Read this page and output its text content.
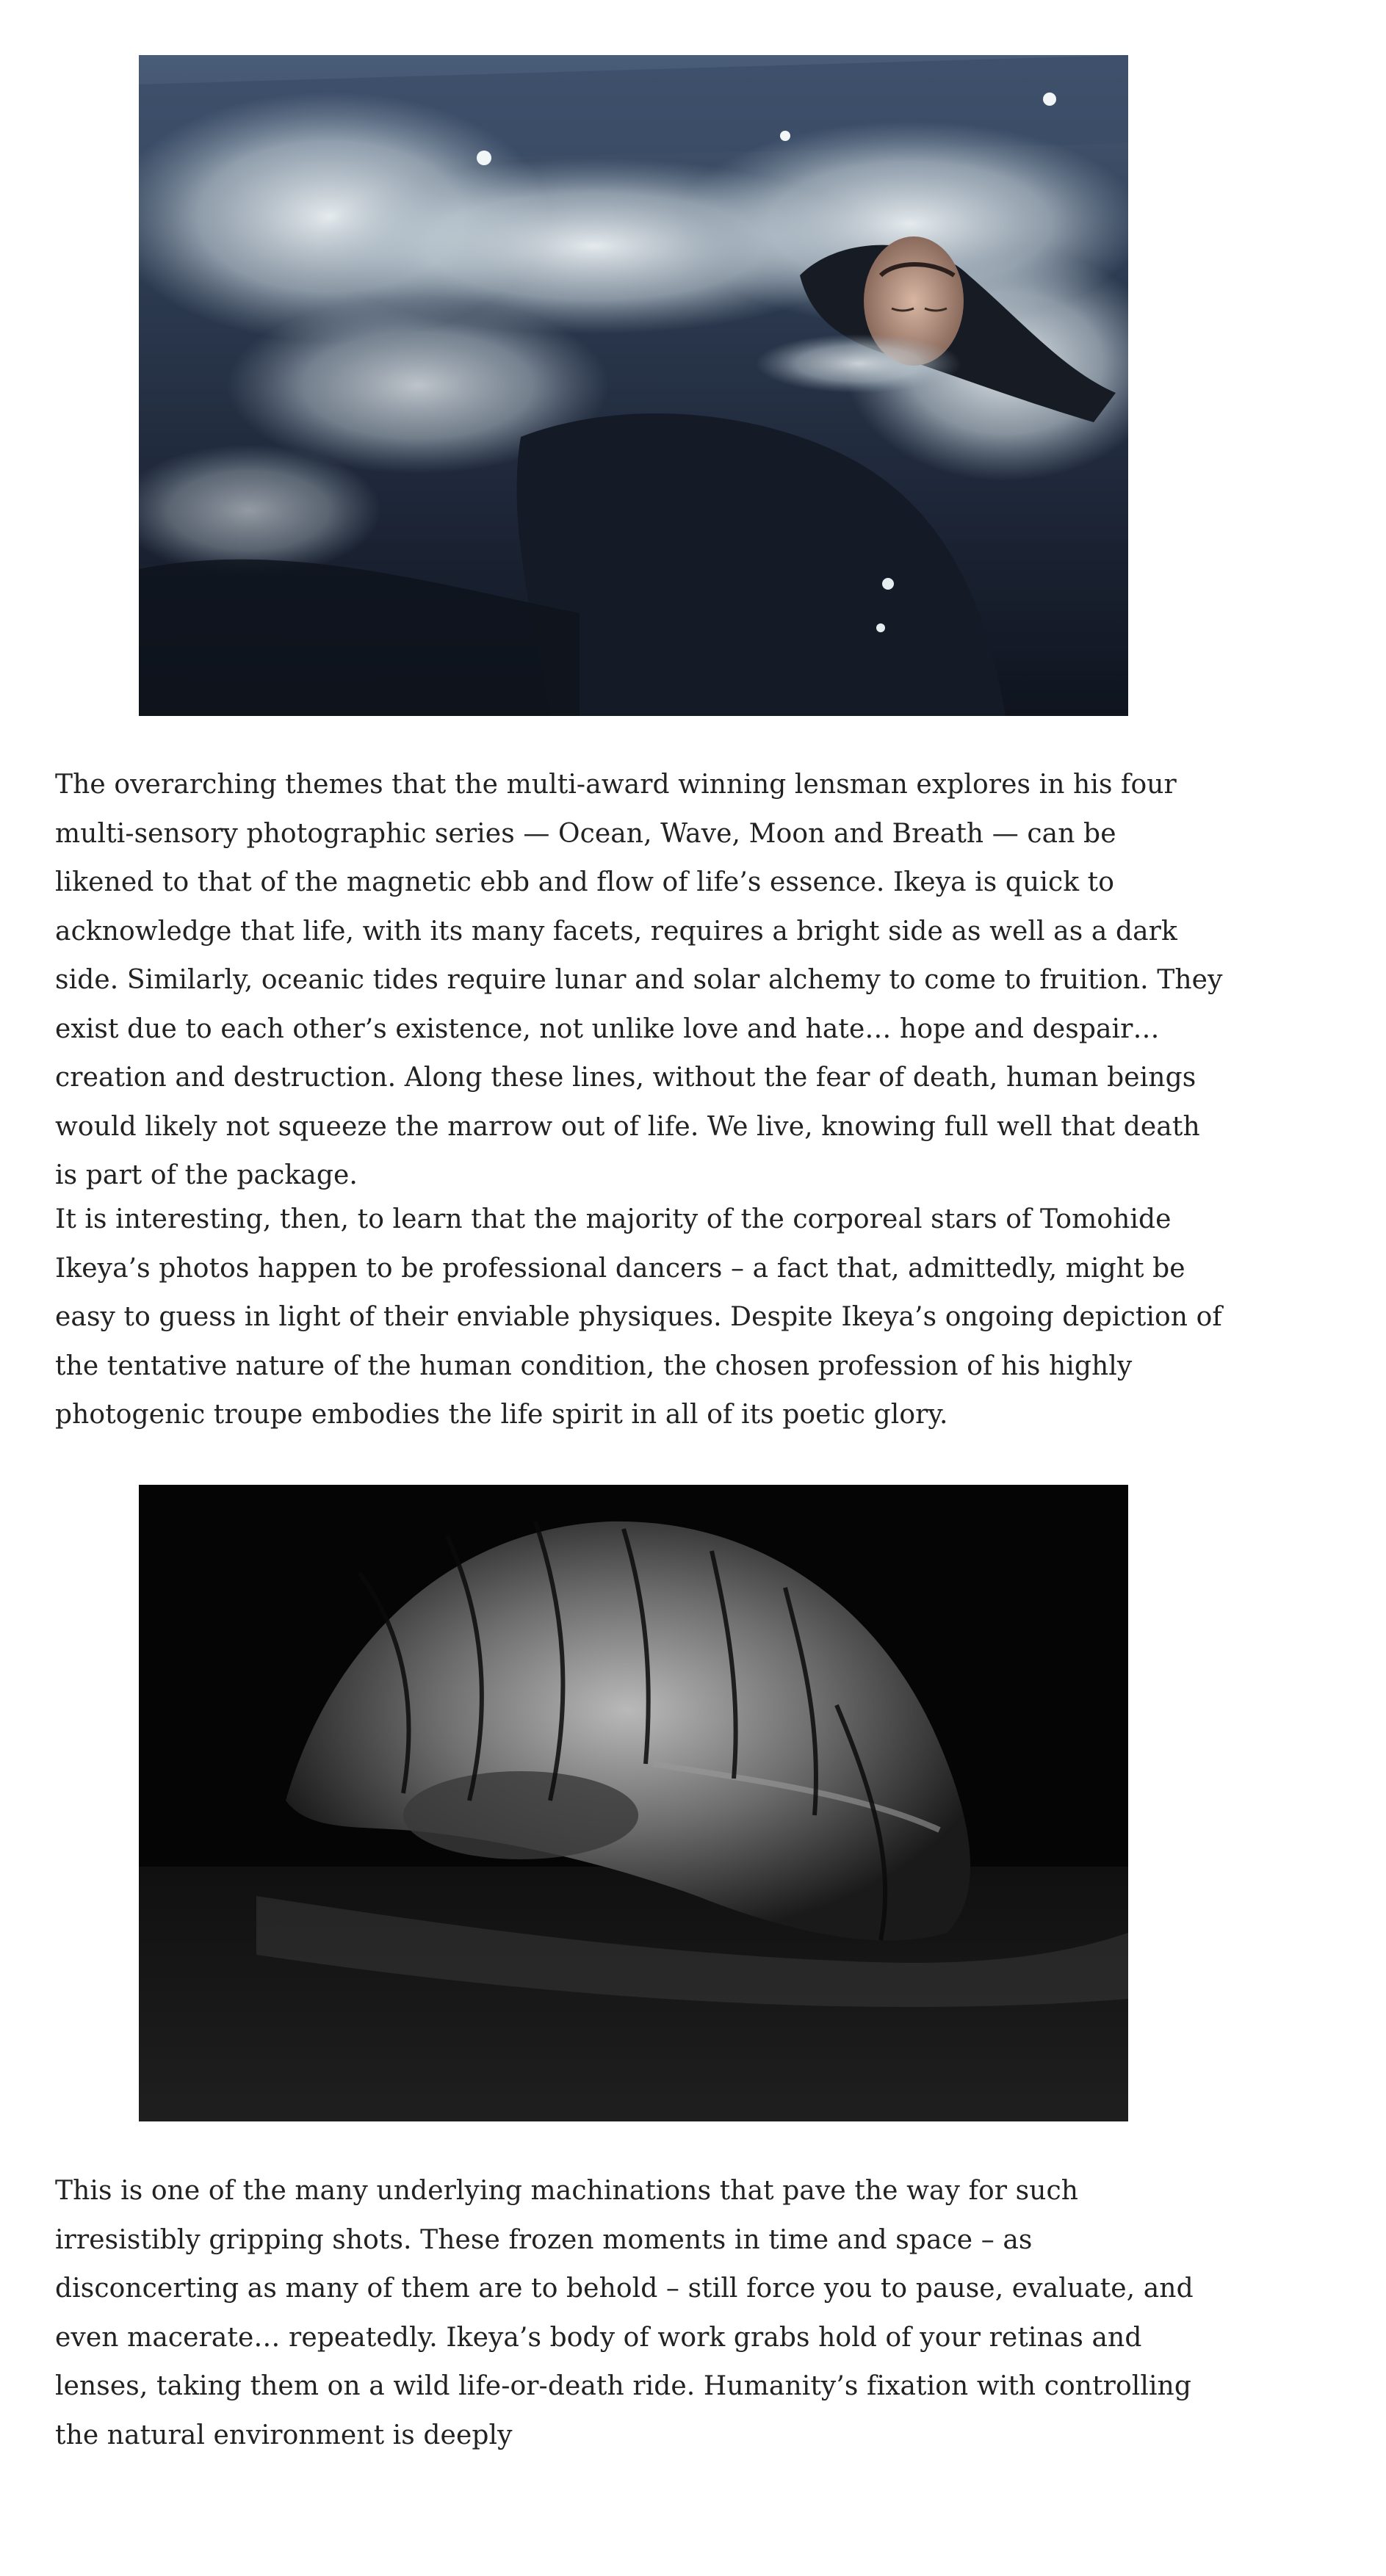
The overarching themes that the multi-award winning lensman explores in his four multi-sensory photographic series — Ocean, Wave, Moon and Breath — can be likened to that of the magnetic ebb and flow of life’s essence. Ikeya is quick to acknowledge that life, with its many facets, requires a bright side as well as a dark side. Similarly, oceanic tides require lunar and solar alchemy to come to fruition. They exist due to each other’s existence, not unlike love and hate… hope and despair… creation and destruction. Along these lines, without the fear of death, human beings would likely not squeeze the marrow out of life. We live, knowing full well that death is part of the package.

It is interesting, then, to learn that the majority of the corporeal stars of Tomohide Ikeya’s photos happen to be professional dancers – a fact that, admittedly, might be easy to guess in light of their enviable physiques. Despite Ikeya’s ongoing depiction of the tentative nature of the human condition, the chosen profession of his highly photogenic troupe embodies the life spirit in all of its poetic glory.

This is one of the many underlying machinations that pave the way for such irresistibly gripping shots. These frozen moments in time and space – as disconcerting as many of them are to behold – still force you to pause, evaluate, and even macerate… repeatedly. Ikeya’s body of work grabs hold of your retinas and lenses, taking them on a wild life-or-death ride. Humanity’s fixation with controlling the natural environment is deeply
